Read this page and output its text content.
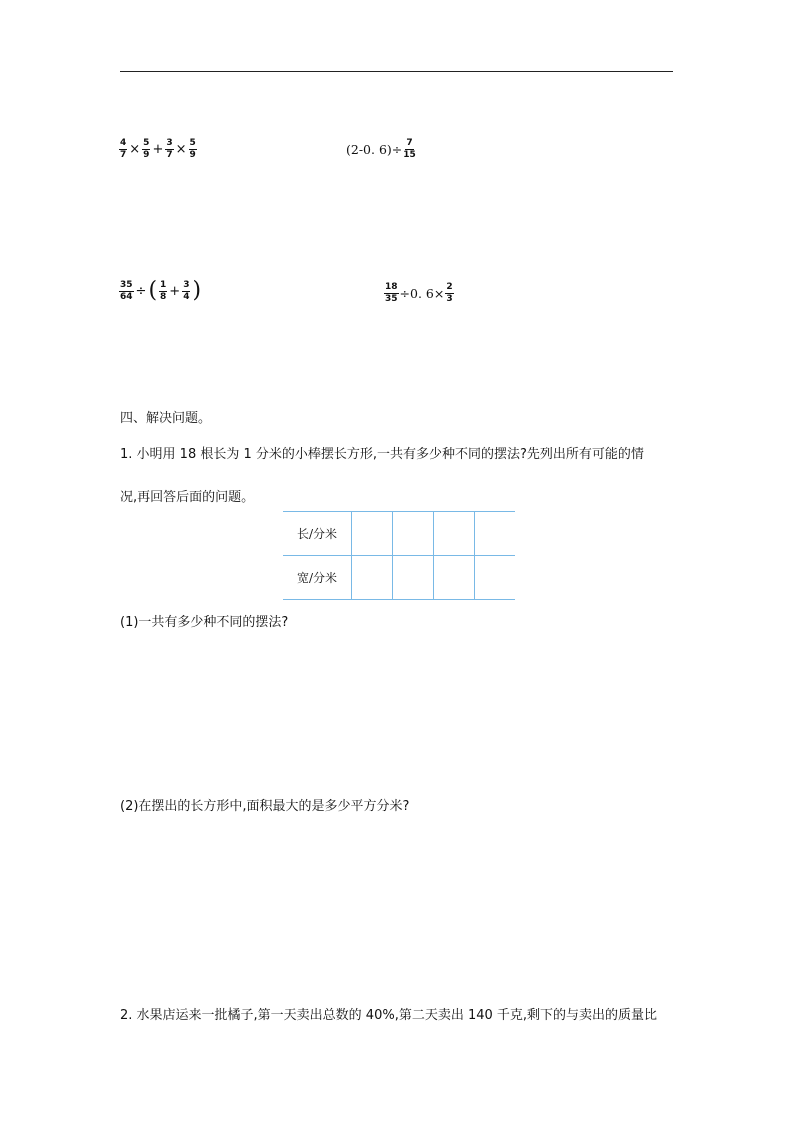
$\frac{4}{7} \times \frac{5}{9} + \frac{3}{7} \times \frac{5}{9}$	(2-0. $6)\div \frac{7}{15}$
$\frac{35}{64}$ ÷ ( $\frac{1}{8} + \frac{3}{4}$ )	$\frac{18}{35} \div 0$. $6\times \frac{2}{3}$
四、解决问题。
1. 小明用 18 根长为 1 分米的小棒摆长方形,一共有多少种不同的摆法?先列出所有可能的情
况,再回答后面的问题。
长/分米				
宽/分米				
(1)一共有多少种不同的摆法?
(2)在摆出的长方形中,面积最大的是多少平方分米?
2. 水果店运来一批橘子,第一天卖出总数的 40%,第二天卖出 140 千克,剩下的与卖出的质量比
